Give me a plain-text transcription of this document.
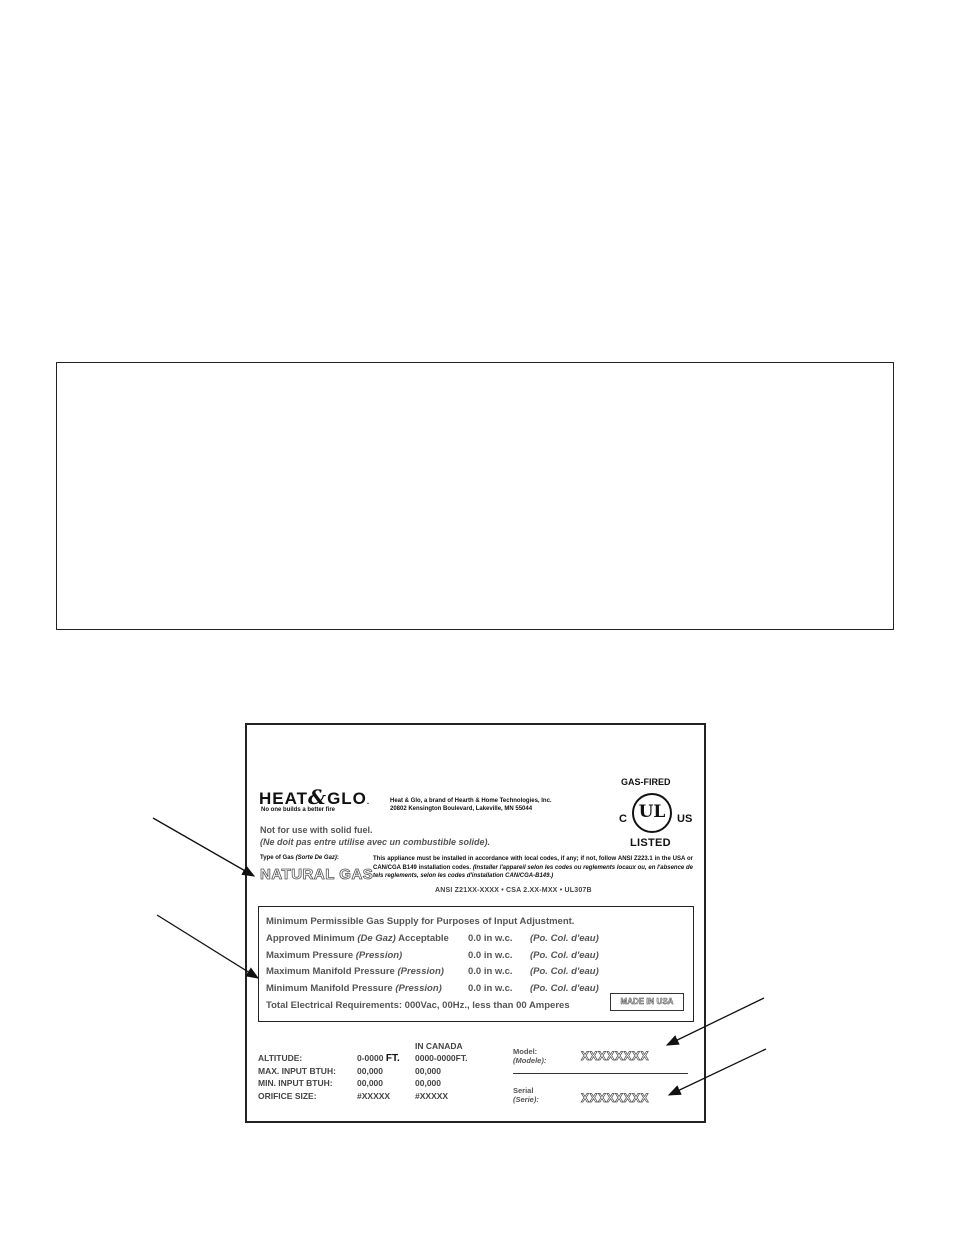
HEAT&GLO.
No one builds a better fire
Heat & Glo, a brand of Hearth & Home Technologies, Inc.
20802 Kensington Boulevard, Lakeville, MN 55044
GAS-FIRED
UL
C	US
LISTED
Not for use with solid fuel.
(Ne doit pas entre utilise avec un combustible solide).
Type of Gas (Sorte De Gaz):
NATURAL GAS
This appliance must be installed in accordance with local codes, if any; if not, follow ANSI Z223.1 in the USA or CAN/CGA B149 installation codes. (Installer l'appareil selon les codes ou reglements locaux ou, en l'absence de tels reglements, selon les codes d'installation CAN/CGA-B149.)
ANSI Z21XX-XXXX • CSA 2.XX-MXX • UL307B
Minimum Permissible Gas Supply for Purposes of Input Adjustment.
Approved Minimum (De Gaz) Acceptable 0.0 in w.c. (Po. Col. d'eau)
Maximum Pressure (Pression)	0.0 in w.c. (Po. Col. d'eau)
Maximum Manifold Pressure (Pression)	0.0 in w.c. (Po. Col. d'eau)
Minimum Manifold Pressure (Pression)	0.0 in w.c. (Po. Col. d'eau)
Total Electrical Requirements: 000Vac, 00Hz., less than 00 Amperes	MADE IN USA
IN CANADA
ALTITUDE:	0-0000 FT. 0000-0000FT.
MAX. INPUT BTUH: 00,000	00,000
MIN. INPUT BTUH:	00,000	00,000
ORIFICE SIZE:	#XXXXX	#XXXXX
Model:
(Modele):	XXXXXXXX
Serial
(Serie):	XXXXXXXX
